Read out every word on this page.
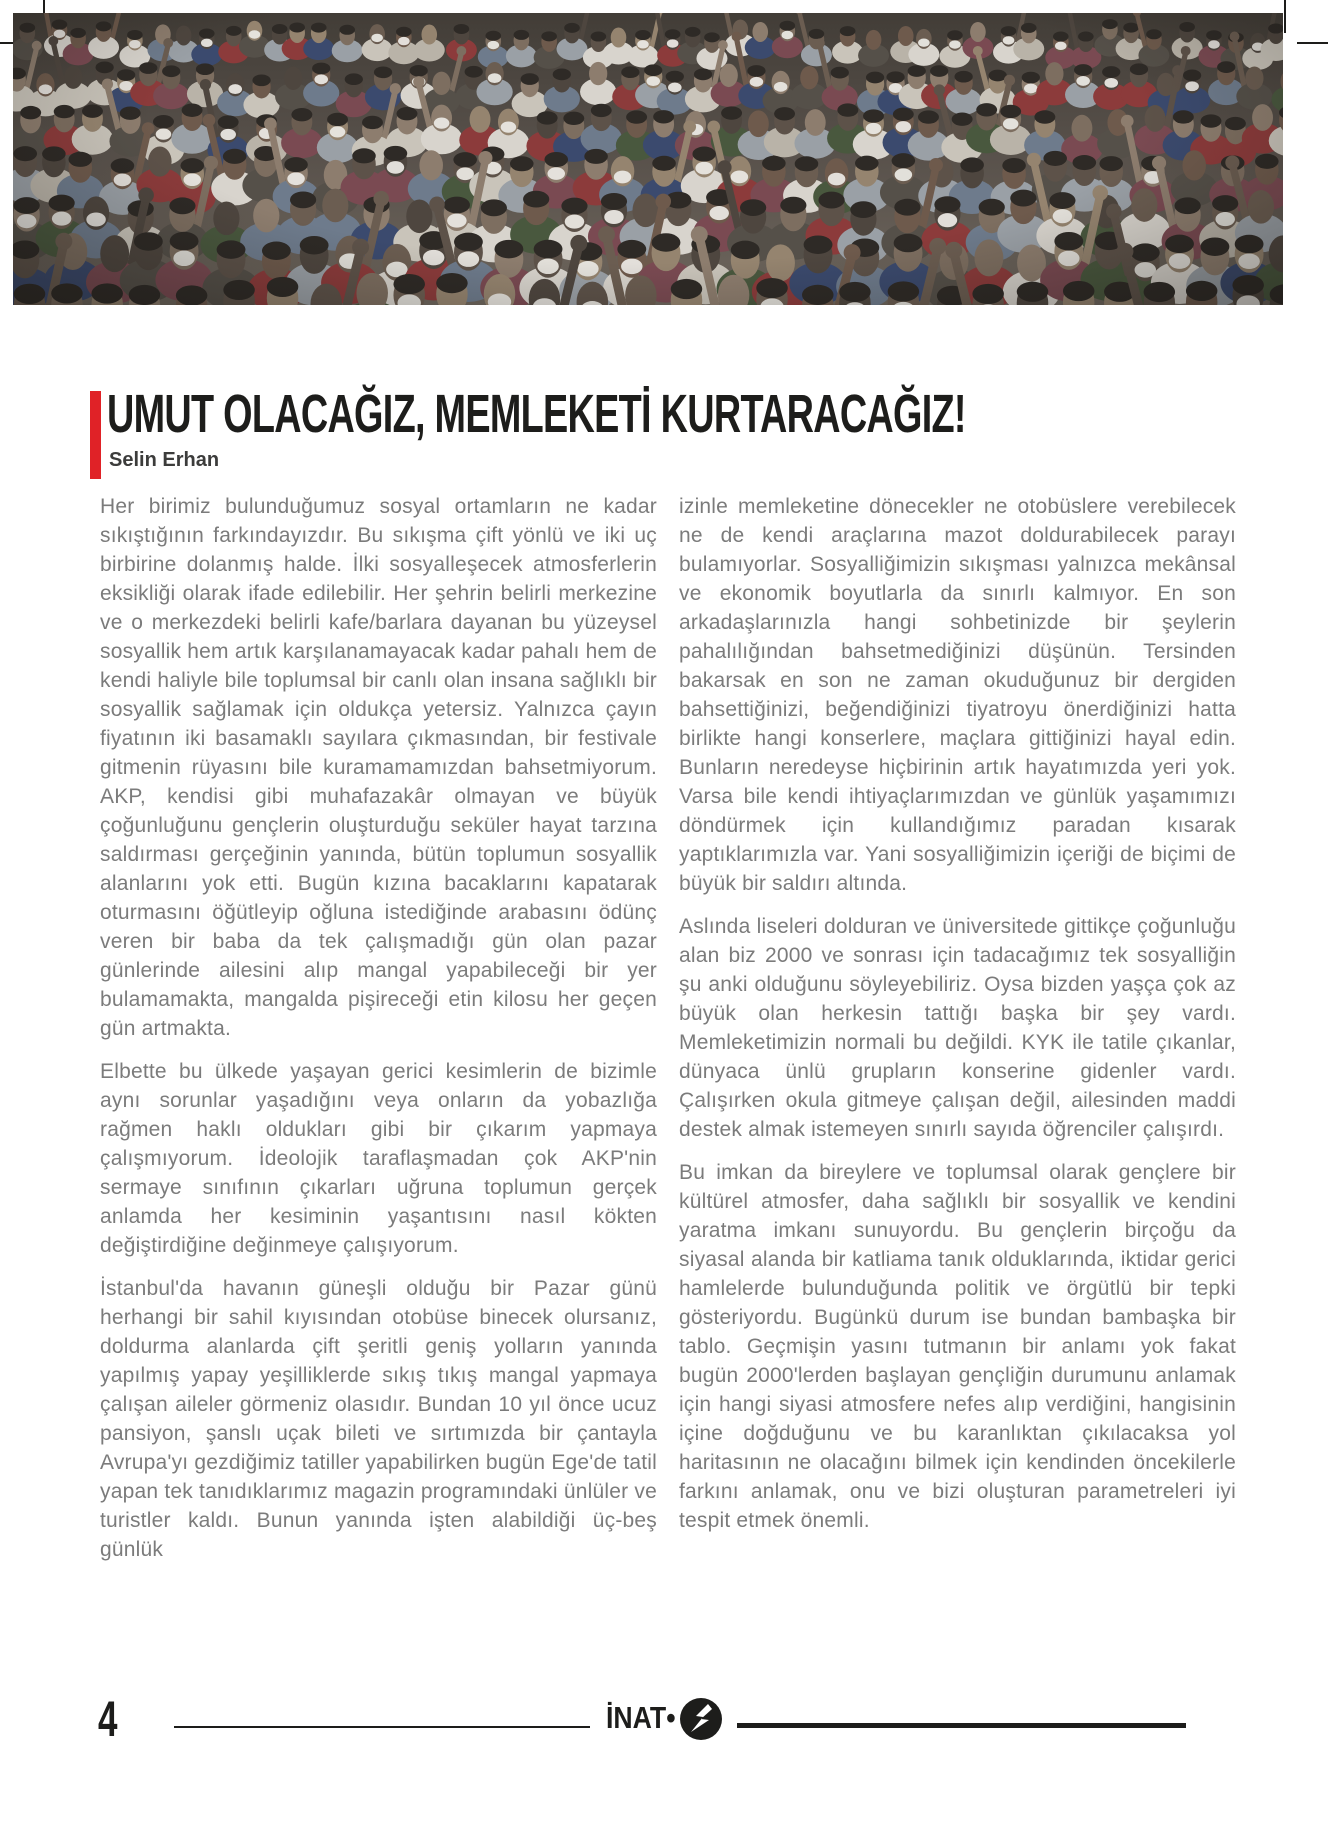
UMUT OLACAĞIZ, MEMLEKETİ KURTARACAĞIZ!
Selin Erhan

Her birimiz bulunduğumuz sosyal ortamların ne kadar sıkıştığının farkındayızdır. Bu sıkışma çift yönlü ve iki uç birbirine dolanmış halde. İlki sosyalleşecek atmosferlerin eksikliği olarak ifade edilebilir. Her şehrin belirli merkezine ve o merkezdeki belirli kafe/barlara dayanan bu yüzeysel sosyallik hem artık karşılanamayacak kadar pahalı hem de kendi haliyle bile toplumsal bir canlı olan insana sağlıklı bir sosyallik sağlamak için oldukça yetersiz. Yalnızca çayın fiyatının iki basamaklı sayılara çıkmasından, bir festivale gitmenin rüyasını bile kuramamamızdan bahsetmiyorum. AKP, kendisi gibi muhafazakâr olmayan ve büyük çoğunluğunu gençlerin oluşturduğu seküler hayat tarzına saldırması gerçeğinin yanında, bütün toplumun sosyallik alanlarını yok etti. Bugün kızına bacaklarını kapatarak oturmasını öğütleyip oğluna istediğinde arabasını ödünç veren bir baba da tek çalışmadığı gün olan pazar günlerinde ailesini alıp mangal yapabileceği bir yer bulamamakta, mangalda pişireceği etin kilosu her geçen gün artmakta.

Elbette bu ülkede yaşayan gerici kesimlerin de bizimle aynı sorunlar yaşadığını veya onların da yobazlığa rağmen haklı oldukları gibi bir çıkarım yapmaya çalışmıyorum. İdeolojik taraflaşmadan çok AKP'nin sermaye sınıfının çıkarları uğruna toplumun gerçek anlamda her kesiminin yaşantısını nasıl kökten değiştirdiğine değinmeye çalışıyorum.

İstanbul'da havanın güneşli olduğu bir Pazar günü herhangi bir sahil kıyısından otobüse binecek olursanız, doldurma alanlarda çift şeritli geniş yolların yanında yapılmış yapay yeşilliklerde sıkış tıkış mangal yapmaya çalışan aileler görmeniz olasıdır. Bundan 10 yıl önce ucuz pansiyon, şanslı uçak bileti ve sırtımızda bir çantayla Avrupa'yı gezdiğimiz tatiller yapabilirken bugün Ege'de tatil yapan tek tanıdıklarımız magazin programındaki ünlüler ve turistler kaldı. Bunun yanında işten alabildiği üç-beş günlük

izinle memleketine dönecekler ne otobüslere verebilecek ne de kendi araçlarına mazot doldurabilecek parayı bulamıyorlar. Sosyalliğimizin sıkışması yalnızca mekânsal ve ekonomik boyutlarla da sınırlı kalmıyor. En son arkadaşlarınızla hangi sohbetinizde bir şeylerin pahalılığından bahsetmediğinizi düşünün. Tersinden bakarsak en son ne zaman okuduğunuz bir dergiden bahsettiğinizi, beğendiğinizi tiyatroyu önerdiğinizi hatta birlikte hangi konserlere, maçlara gittiğinizi hayal edin. Bunların neredeyse hiçbirinin artık hayatımızda yeri yok. Varsa bile kendi ihtiyaçlarımızdan ve günlük yaşamımızı döndürmek için kullandığımız paradan kısarak yaptıklarımızla var. Yani sosyalliğimizin içeriği de biçimi de büyük bir saldırı altında.

Aslında liseleri dolduran ve üniversitede gittikçe çoğunluğu alan biz 2000 ve sonrası için tadacağımız tek sosyalliğin şu anki olduğunu söyleyebiliriz. Oysa bizden yaşça çok az büyük olan herkesin tattığı başka bir şey vardı. Memleketimizin normali bu değildi. KYK ile tatile çıkanlar, dünyaca ünlü grupların konserine gidenler vardı. Çalışırken okula gitmeye çalışan değil, ailesinden maddi destek almak istemeyen sınırlı sayıda öğrenciler çalışırdı.

Bu imkan da bireylere ve toplumsal olarak gençlere bir kültürel atmosfer, daha sağlıklı bir sosyallik ve kendini yaratma imkanı sunuyordu. Bu gençlerin birçoğu da siyasal alanda bir katliama tanık olduklarında, iktidar gerici hamlelerde bulunduğunda politik ve örgütlü bir tepki gösteriyordu. Bugünkü durum ise bundan bambaşka bir tablo. Geçmişin yasını tutmanın bir anlamı yok fakat bugün 2000'lerden başlayan gençliğin durumunu anlamak için hangi siyasi atmosfere nefes alıp verdiğini, hangisinin içine doğduğunu ve bu karanlıktan çıkılacaksa yol haritasının ne olacağını bilmek için kendinden öncekilerle farkını anlamak, onu ve bizi oluşturan parametreleri iyi tespit etmek önemli.

4	İNAT•
